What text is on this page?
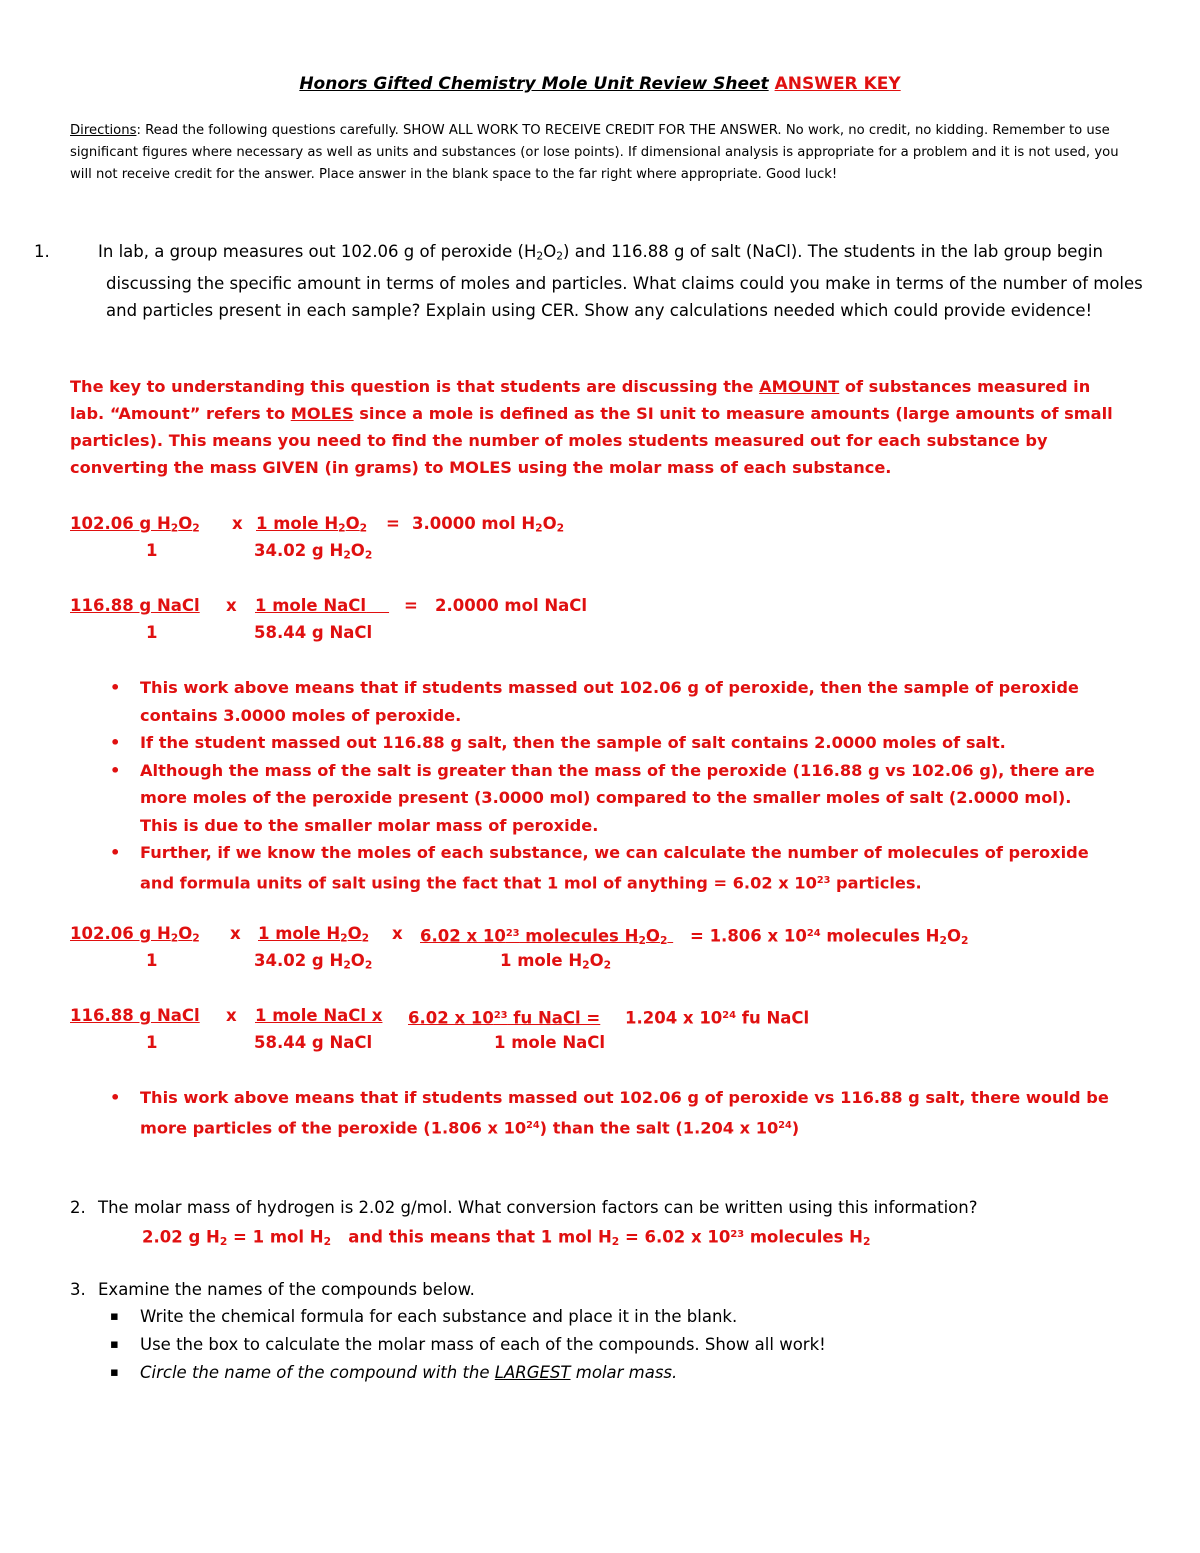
Honors Gifted Chemistry Mole Unit Review Sheet ANSWER KEY
Directions: Read the following questions carefully. SHOW ALL WORK TO RECEIVE CREDIT FOR THE ANSWER. No work, no credit, no kidding. Remember to use significant figures where necessary as well as units and substances (or lose points). If dimensional analysis is appropriate for a problem and it is not used, you will not receive credit for the answer. Place answer in the blank space to the far right where appropriate. Good luck!
1.	In lab, a group measures out 102.06 g of peroxide $(H_2O_2)$ and 116.88 g of salt (NaCl). The students in the lab group begin discussing the specific amount in terms of moles and particles. What claims could you make in terms of the number of moles and particles present in each sample? Explain using CER. Show any calculations needed which could provide evidence!
The key to understanding this question is that students are discussing the AMOUNT of substances measured in lab. “Amount” refers to MOLES since a mole is defined as the SI unit to measure amounts (large amounts of small particles). This means you need to find the number of moles students measured out for each substance by converting the mass GIVEN (in grams) to MOLES using the molar mass of each substance.
102.06 g $H_2O_2$ x 1 mole $H_2O_2 = 3.0000$ mol $H_2O_2$
1	34.02 g $H_2O_2$
116.88 g NaCl x 1 mole NaCl	= 2.0000 mol NaCl
1	58.44 g NaCl
• This work above means that if students massed out 102.06 g of peroxide, then the sample of peroxide contains 3.0000 moles of peroxide.
• If the student massed out 116.88 g salt, then the sample of salt contains 2.0000 moles of salt.
• Although the mass of the salt is greater than the mass of the peroxide (116.88 g vs 102.06 g), there are more moles of the peroxide present (3.0000 mol) compared to the smaller moles of salt (2.0000 mol). This is due to the smaller molar mass of peroxide.
• Further, if we know the moles of each substance, we can calculate the number of molecules of peroxide and formula units of salt using the fact that 1 mol of anything = 6.02 x $10^{23}$ particles.
102.06 g $H_2O_2$ x 1 mole $H_2O_2$ x 6.02 x $10^{23}$ molecules $H_2O_2$	= 1.806 x $10^{24}$ molecules $H_2O_2$
1	34.02 g $H_2O_2$	1 mole $H_2O_2$
116.88 g NaCl x 1 mole NaCl x 6.02 x $10^{23}$ fu NaCl = 1.204 x $10^{24}$ fu NaCl
1	58.44 g NaCl	1 mole NaCl
• This work above means that if students massed out 102.06 g of peroxide vs 116.88 g salt, there would be more particles of the peroxide (1.806 x $10^{24}$) than the salt (1.204 x $10^{24}$)
2. The molar mass of hydrogen is 2.02 g/mol. What conversion factors can be written using this information?
2.02 g $H_2 = 1$ mol $H_2$   and this means that 1 mol $H_2 = 6.02$ x $10^{23}$ molecules $H_2$
3. Examine the names of the compounds below.
▪ Write the chemical formula for each substance and place it in the blank.
▪ Use the box to calculate the molar mass of each of the compounds. Show all work!
▪ Circle the name of the compound with the LARGEST molar mass.
